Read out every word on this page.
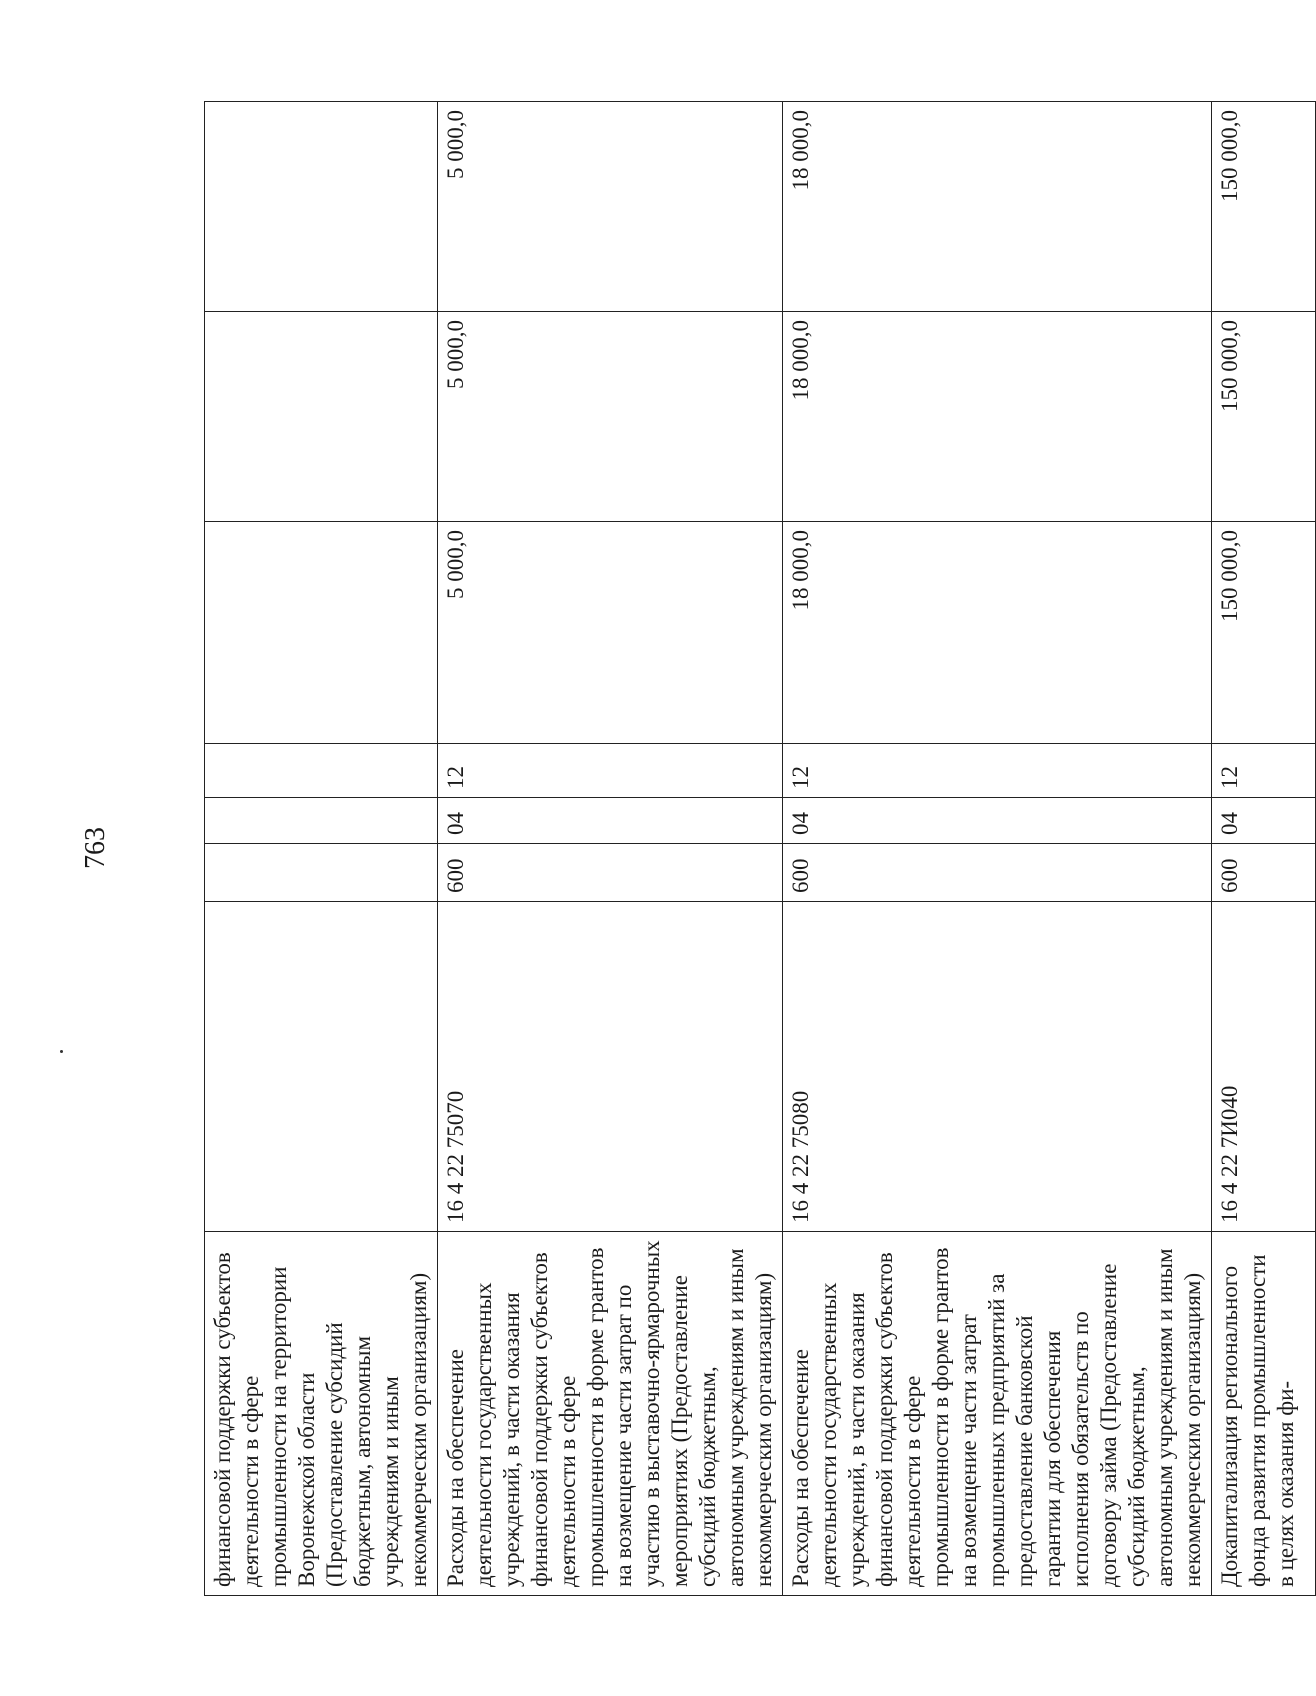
763
финансовой поддержки субъектов деятельности в сфере промышленности на территории Воронежской области (Предоставление субсидий бюджетным, автономным учреждениям и иным некоммерческим организациям)							
Расходы на обеспечение деятельности государственных учреждений, в части оказания финансовой поддержки субъектов деятельности в сфере промышленности в форме грантов на возмещение части затрат по участию в выставочно-ярмарочных мероприятиях (Предоставление субсидий бюджетным, автономным учреждениям и иным некоммерческим организациям)	16 4 22 75070	600	04	12	5 000,0	5 000,0	5 000,0
Расходы на обеспечение деятельности государственных учреждений, в части оказания финансовой поддержки субъектов деятельности в сфере промышленности в форме грантов на возмещение части затрат промышленных предприятий за предоставление банковской гарантии для обеспечения исполнения обязательств по договору займа (Предоставление субсидий бюджетным, автономным учреждениям и иным некоммерческим организациям)	16 4 22 75080	600	04	12	18 000,0	18 000,0	18 000,0
Докапитализация регионального фонда развития промышленности в целях оказания фи-	16 4 22 7И040	600	04	12	150 000,0	150 000,0	150 000,0
